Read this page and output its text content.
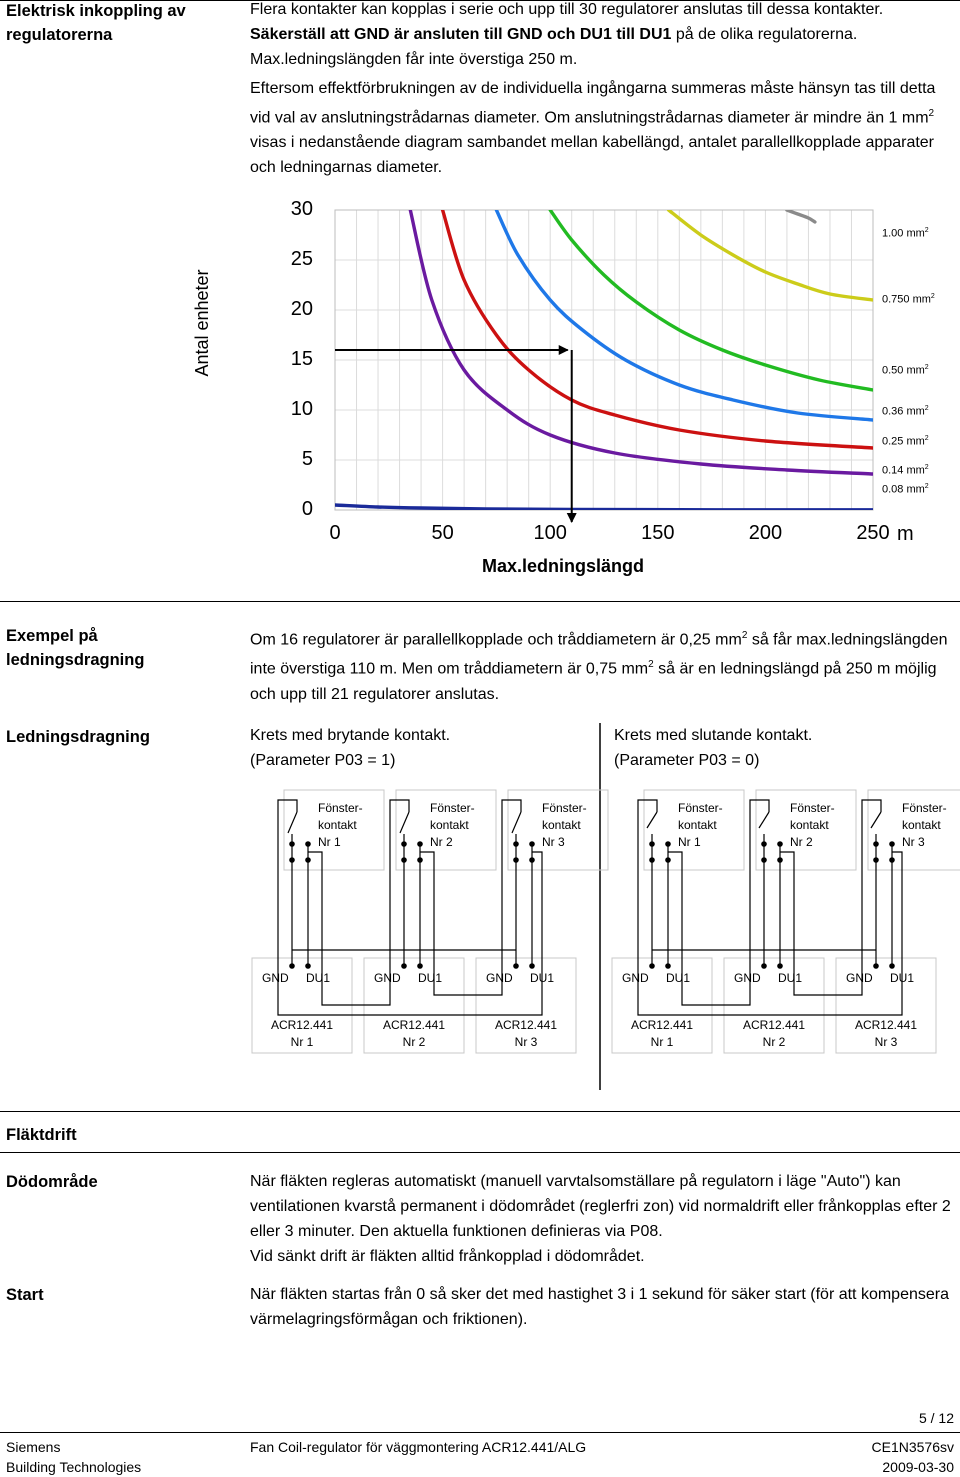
Elektrisk inkoppling av regulatorerna
Flera kontakter kan kopplas i serie och upp till 30 regulatorer anslutas till dessa kontakter. Säkerställ att GND är ansluten till GND och DU1 till DU1 på de olika regulatorerna. Max.ledningslängden får inte överstiga 250 m.
Eftersom effektförbrukningen av de individuella ingångarna summeras måste hänsyn tas till detta vid val av anslutningstrådarnas diameter. Om anslutningstrådarnas diameter är mindre än 1 $mm^2$ visas i nedanstående diagram sambandet mellan kabellängd, antalet parallellkopplade apparater och ledningarnas diameter.
Antal enheter
0
5
10
15
20
25
30
0	50	100	150	200	250 m
Max.ledningslängd
1.00 $mm^2$
0.750 $mm^2$
0.50 $mm^2$
0.36 $mm^2$
0.25 $mm^2$
0.14 $mm^2$
0.08 $mm^2$
Exempel på ledningsdragning
Om 16 regulatorer är parallellkopplade och tråddiametern är 0,25 $mm^2$ så får max.ledningslängden inte överstiga 110 m. Men om tråddiametern är 0,75 $mm^2$ så är en ledningslängd på 250 m möjlig och upp till 21 regulatorer anslutas.
Ledningsdragning	Krets med brytande kontakt.
(Parameter P03 = 1)
Krets med slutande kontakt.
(Parameter P03 = 0)
Fönster-
kontakt
Nr 1
GND DU1
ACR12.441
Nr 1
Fönster-
kontakt
Nr 2
GND DU1
ACR12.441
Nr 2
Fönster-
kontakt
Nr 3
GND DU1
ACR12.441
Nr 3
Fönster-
kontakt
Nr 1
GND DU1
ACR12.441
Nr 1
Fönster-
kontakt
Nr 2
GND DU1
ACR12.441
Nr 2
Fönster-
kontakt
Nr 3
GND DU1
ACR12.441
Nr 3
Fläktdrift
Dödområde	När fläkten regleras automatiskt (manuell varvtalsomställare på regulatorn i läge "Auto") kan ventilationen kvarstå permanent i dödområdet (reglerfri zon) vid normaldrift eller frånkopplas efter 2 eller 3 minuter. Den aktuella funktionen definieras via P08.
Vid sänkt drift är fläkten alltid frånkopplad i dödområdet.
Start	När fläkten startas från 0 så sker det med hastighet 3 i 1 sekund för säker start (för att kompensera värmelagringsförmågan och friktionen).
5 / 12
Siemens
Building Technologies
Fan Coil-regulator för väggmontering ACR12.441/ALG	CE1N3576sv
2009-03-30
